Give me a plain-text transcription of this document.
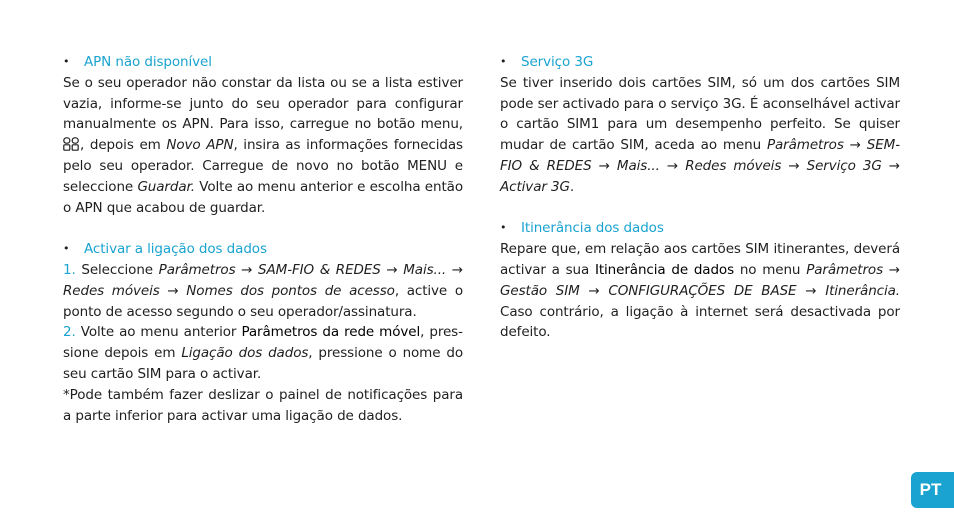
• APN não disponível

Se o seu operador não constar da lista ou se a lista estiver vazia, informe-se junto do seu operador para configurar manualmente os APN. Para isso, carregue no botão menu, , depois em Novo APN, insira as informações fornecidas pelo seu operador. Carregue de novo no botão MENU e seleccione Guardar. Volte ao menu anterior e escolha então o APN que acabou de guardar.

• Activar a ligação dos dados

1. Seleccione Parâmetros → SAM-FIO & REDES → Mais... → Redes móveis → Nomes dos pontos de acesso, active o ponto de acesso segundo o seu operador/assinatura.

2. Volte ao menu anterior Parâmetros da rede móvel, pressione depois em Ligação dos dados, pressione o nome do seu cartão SIM para o activar.

*Pode também fazer deslizar o painel de notificações para a parte inferior para activar uma ligação de dados.

• Serviço 3G

Se tiver inserido dois cartões SIM, só um dos cartões SIM pode ser activado para o serviço 3G. É aconselhável activar o cartão SIM1 para um desempenho perfeito. Se quiser mudar de cartão SIM, aceda ao menu Parâmetros → SEM-FIO & REDES → Mais... → Redes móveis → Serviço 3G → Activar 3G.

• Itinerância dos dados

Repare que, em relação aos cartões SIM itinerantes, deverá activar a sua Itinerância de dados no menu Parâmetros → Gestão SIM → CONFIGURAÇÕES DE BASE → Itinerância. Caso contrário, a ligação à internet será desactivada por defeito.

PT
